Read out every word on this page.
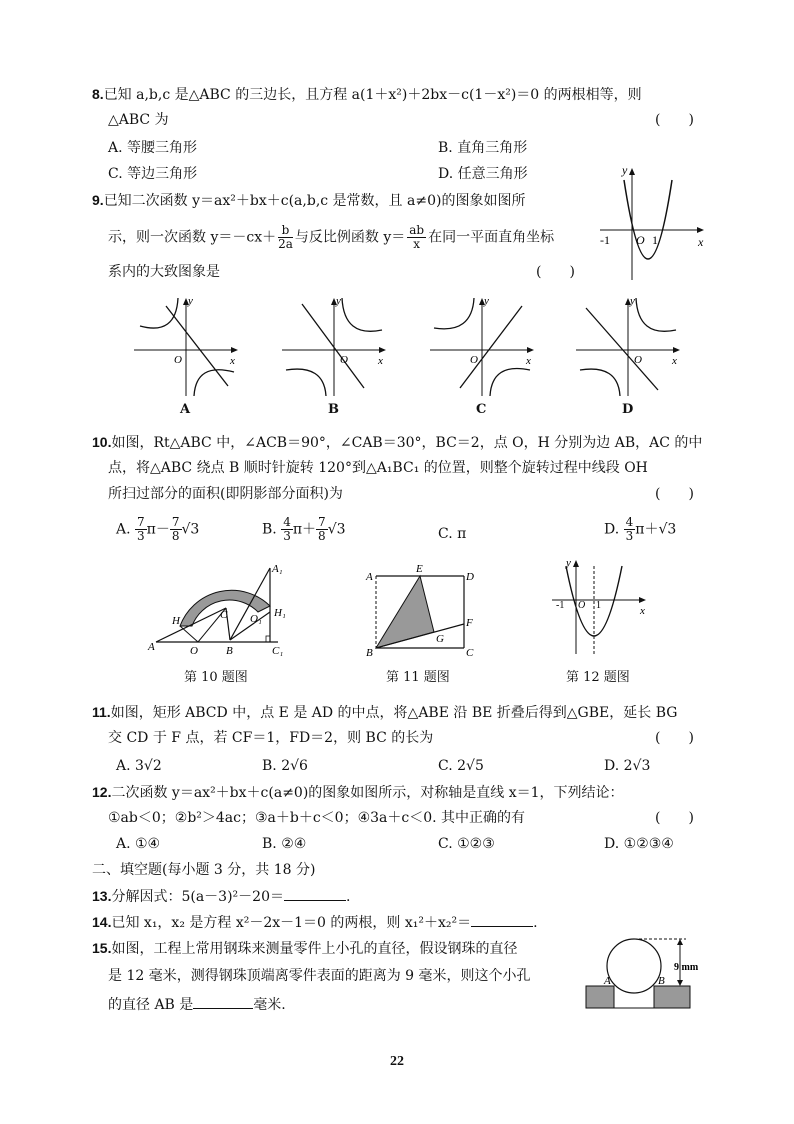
8.已知 a,b,c 是△ABC 的三边长，且方程 a(1＋x²)＋2bx－c(1－x²)＝0 的两根相等，则
△ABC 为	(　　)
A. 等腰三角形	B. 直角三角形
C. 等边三角形	D. 任意三角形
9.已知二次函数 y＝ax²＋bx＋c(a,b,c 是常数，且 a≠0)的图象如图所
示，则一次函数 $y=-cx+ \frac{b}{2a}$ 与反比例函数 $y= \frac{ab}{x}$ 在同一平面直角坐标
系内的大致图象是	(　　)
y
x
O
-1	1
y
x
O
y
x
O
y
x
O
y
x
O
A	B	C	D
10.如图，Rt△ABC 中，∠ACB＝90°，∠CAB＝30°，BC＝2，点 O，H 分别为边 AB，AC 的中
点，将△ABC 绕点 B 顺时针旋转 120°到△A₁BC₁ 的位置，则整个旋转过程中线段 OH
所扫过部分的面积(即阴影部分面积)为	(　　)
A. $\frac{7}{3} \pi- \frac{7}{8} √3$	B. $\frac{4}{3} \pi+ \frac{7}{8} √3$	C. π	D. $\frac{4}{3} \pi+√3$
A
H
O	B
C
A₁
H₁
O₁
C₁
第 10 题图
A
E
D
F
G
B	C
第 11 题图
y
x
O
-1	1
第 12 题图
11.如图，矩形 ABCD 中，点 E 是 AD 的中点，将△ABE 沿 BE 折叠后得到△GBE，延长 BG
交 CD 于 F 点，若 CF＝1，FD＝2，则 BC 的长为	(　　)
A. 3√2	B. 2√6	C. 2√5	D. 2√3
12.二次函数 y＝ax²＋bx＋c(a≠0)的图象如图所示，对称轴是直线 x＝1，下列结论：
①ab＜0；②b²＞4ac；③a＋b＋c＜0；④3a＋c＜0. 其中正确的有	(　　)
A. ①④	B. ②④	C. ①②③	D. ①②③④
二、填空题(每小题 3 分，共 18 分)
13.分解因式：5(a－3)²－20＝	.
14.已知 x₁，x₂ 是方程 x²－2x－1＝0 的两根，则 x₁²＋x₂²＝	.
15.如图，工程上常用钢珠来测量零件上小孔的直径，假设钢珠的直径
是 12 毫米，测得钢珠顶端离零件表面的距离为 9 毫米，则这个小孔
的直径 AB 是	毫米.
A	B
9 mm
22
